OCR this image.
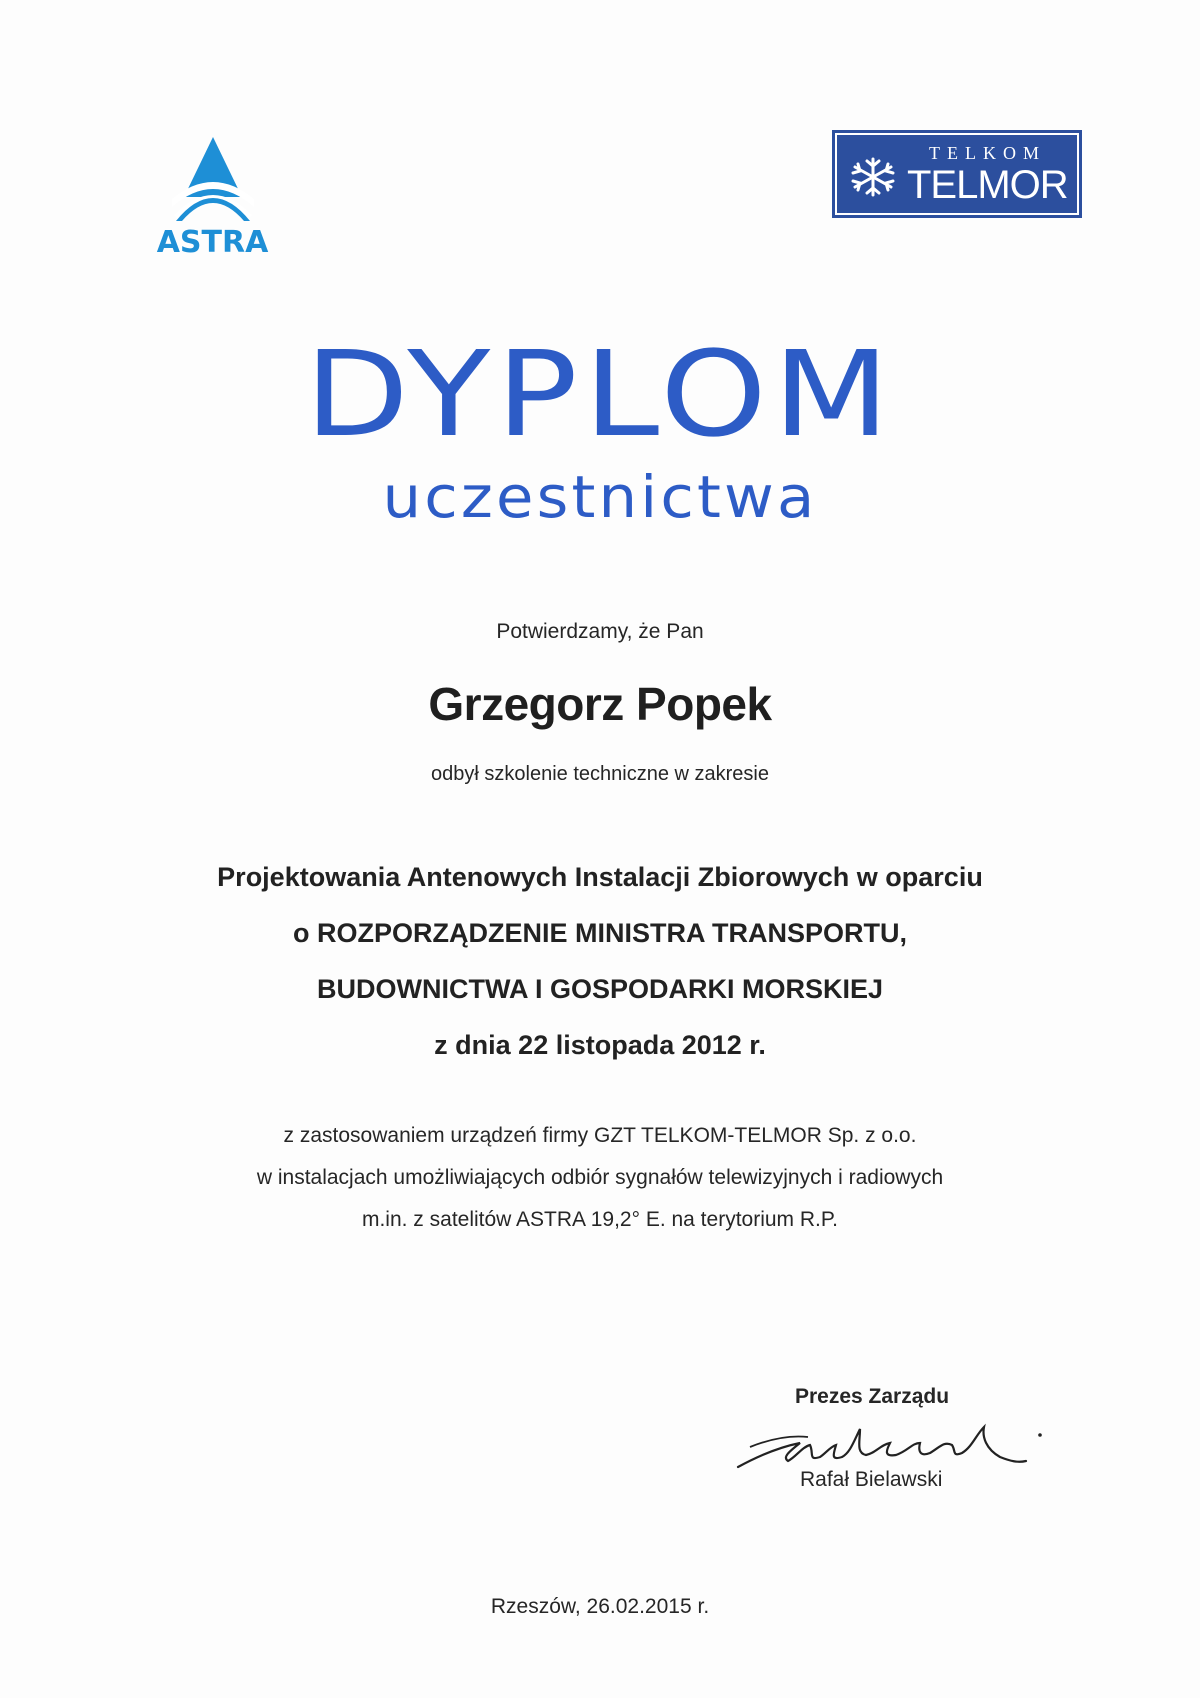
ASTRA
TELKOM
TELMOR
DYPLOM
uczestnictwa
Potwierdzamy, że Pan
Grzegorz Popek
odbył szkolenie techniczne w zakresie
Projektowania Antenowych Instalacji Zbiorowych w oparciu
o ROZPORZĄDZENIE MINISTRA TRANSPORTU,
BUDOWNICTWA I GOSPODARKI MORSKIEJ
z dnia 22 listopada 2012 r.
z zastosowaniem urządzeń firmy GZT TELKOM-TELMOR Sp. z o.o.
w instalacjach umożliwiających odbiór sygnałów telewizyjnych i radiowych
m.in. z satelitów ASTRA 19,2° E. na terytorium R.P.
Prezes Zarządu
Rafał Bielawski
Rzeszów, 26.02.2015 r.
